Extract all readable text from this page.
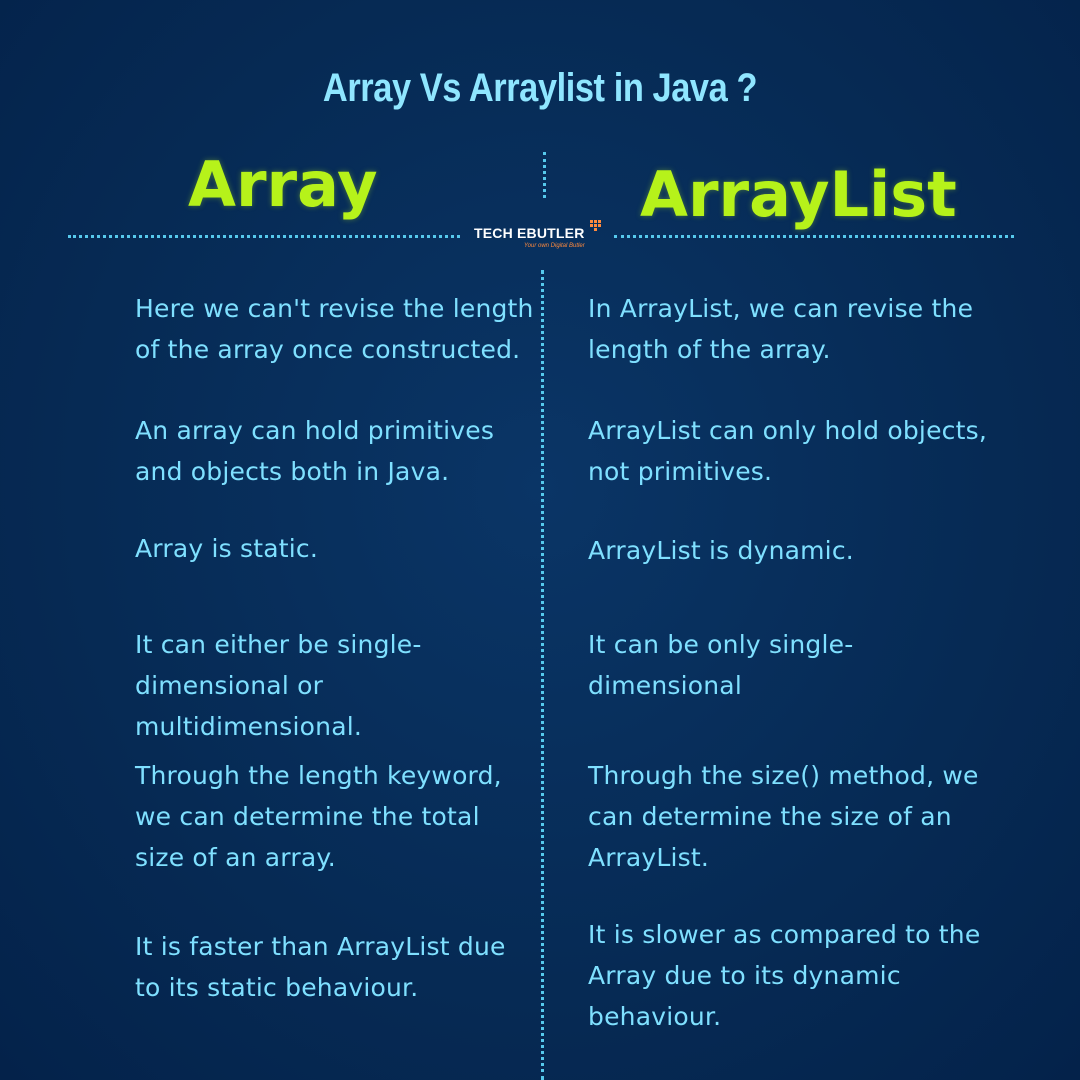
Array Vs Arraylist in Java ?
Array	ArrayList
TECH EBUTLER
Your own Digital Butler
Here we can't revise the length
of the array once constructed.
An array can hold primitives
and objects both in Java.
Array is static.
It can either be single-
dimensional or multidimensional.
Through the length keyword,
we can determine the total
size of an array.
It is faster than ArrayList due
to its static behaviour.
In ArrayList, we can revise the
length of the array.
ArrayList can only hold objects,
not primitives.
ArrayList is dynamic.
It can be only single-
dimensional
Through the size() method, we
can determine the size of an
ArrayList.
It is slower as compared to the
Array due to its dynamic
behaviour.
